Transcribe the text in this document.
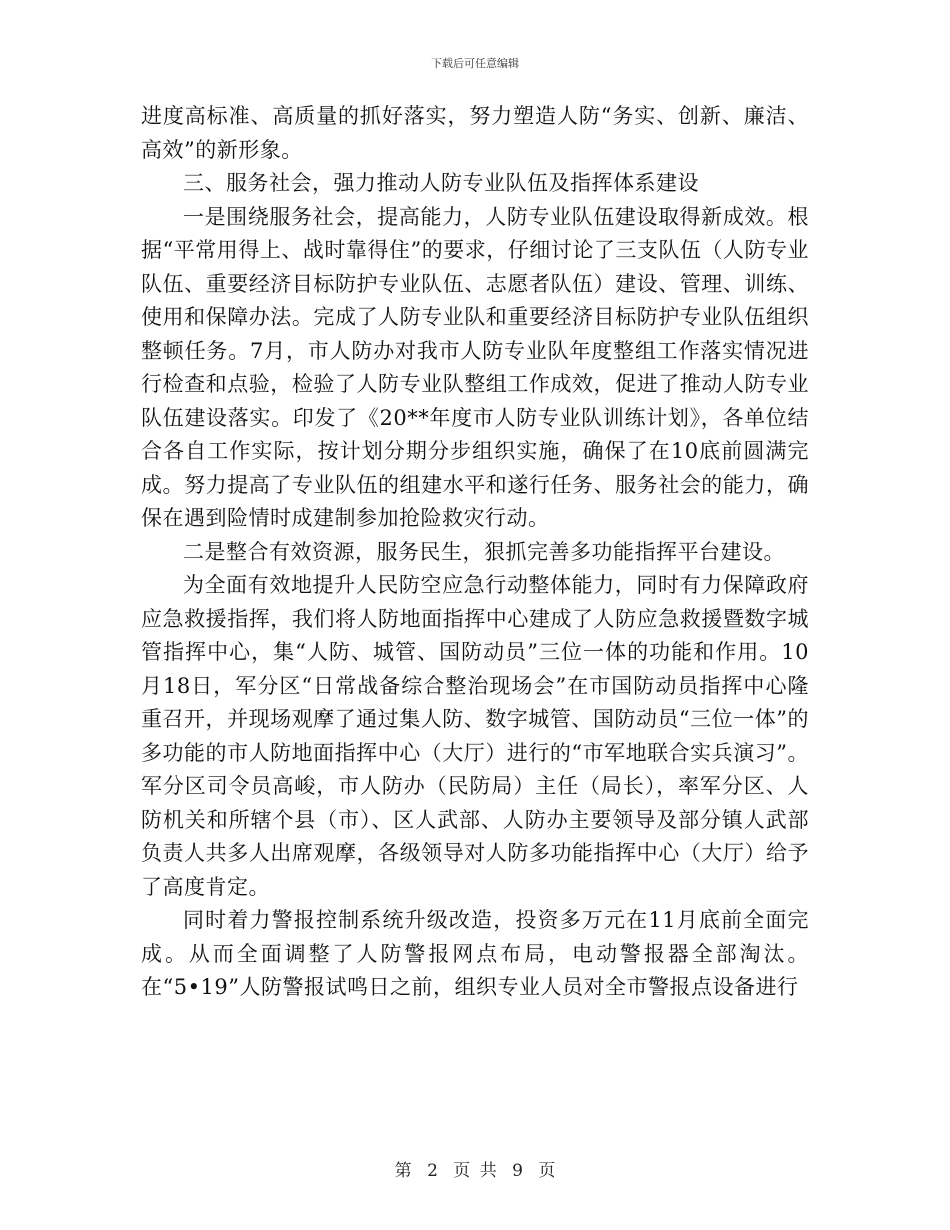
下载后可任意编辑

进度高标准、高质量的抓好落实，努力塑造人防“务实、创新、廉洁、高效”的新形象。

三、服务社会，强力推动人防专业队伍及指挥体系建设

一是围绕服务社会，提高能力，人防专业队伍建设取得新成效。根据“平常用得上、战时靠得住”的要求，仔细讨论了三支队伍（人防专业队伍、重要经济目标防护专业队伍、志愿者队伍）建设、管理、训练、使用和保障办法。完成了人防专业队和重要经济目标防护专业队伍组织整顿任务。7月，市人防办对我市人防专业队年度整组工作落实情况进行检查和点验，检验了人防专业队整组工作成效，促进了推动人防专业队伍建设落实。印发了《20**年度市人防专业队训练计划》，各单位结合各自工作实际，按计划分期分步组织实施，确保了在10底前圆满完成。努力提高了专业队伍的组建水平和遂行任务、服务社会的能力，确保在遇到险情时成建制参加抢险救灾行动。

二是整合有效资源，服务民生，狠抓完善多功能指挥平台建设。

为全面有效地提升人民防空应急行动整体能力，同时有力保障政府应急救援指挥，我们将人防地面指挥中心建成了人防应急救援暨数字城管指挥中心，集“人防、城管、国防动员”三位一体的功能和作用。10月18日，军分区“日常战备综合整治现场会”在市国防动员指挥中心隆重召开，并现场观摩了通过集人防、数字城管、国防动员“三位一体”的多功能的市人防地面指挥中心（大厅）进行的“市军地联合实兵演习”。军分区司令员高峻，市人防办（民防局）主任（局长），率军分区、人防机关和所辖个县（市）、区人武部、人防办主要领导及部分镇人武部负责人共多人出席观摩，各级领导对人防多功能指挥中心（大厅）给予了高度肯定。

同时着力警报控制系统升级改造，投资多万元在11月底前全面完成。从而全面调整了人防警报网点布局，电动警报器全部淘汰。在“5•19”人防警报试鸣日之前，组织专业人员对全市警报点设备进行

第 2 页 共 9 页
